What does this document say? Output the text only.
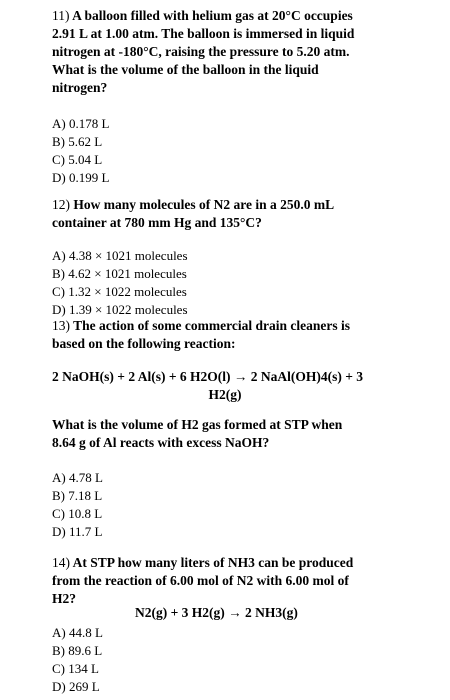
11) A balloon filled with helium gas at 20°C occupies
2.91 L at 1.00 atm. The balloon is immersed in liquid
nitrogen at -180°C, raising the pressure to 5.20 atm.
What is the volume of the balloon in the liquid
nitrogen?
A) 0.178 L
B) 5.62 L
C) 5.04 L
D) 0.199 L
12) How many molecules of N2 are in a 250.0 mL
container at 780 mm Hg and 135°C?
A) 4.38 × 1021 molecules
B) 4.62 × 1021 molecules
C) 1.32 × 1022 molecules
D) 1.39 × 1022 molecules
13) The action of some commercial drain cleaners is
based on the following reaction:
2 NaOH(s) + 2 Al(s) + 6 H2O(l) → 2 NaAl(OH)4(s) + 3
H2(g)
What is the volume of H2 gas formed at STP when
8.64 g of Al reacts with excess NaOH?
A) 4.78 L
B) 7.18 L
C) 10.8 L
D) 11.7 L
14) At STP how many liters of NH3 can be produced
from the reaction of 6.00 mol of N2 with 6.00 mol of
H2?
N2(g) + 3 H2(g) → 2 NH3(g)
A) 44.8 L
B) 89.6 L
C) 134 L
D) 269 L
